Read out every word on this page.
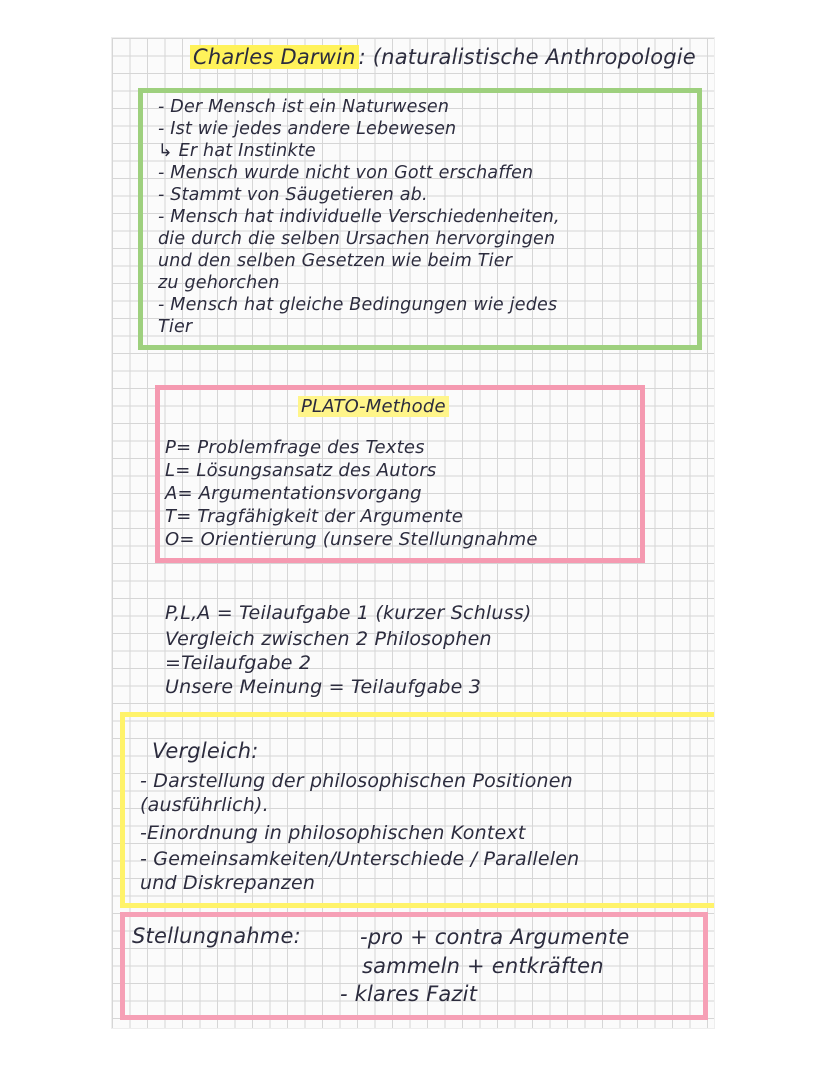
Charles Darwin : (naturalistische Anthropologie
- Der Mensch ist ein Naturwesen
- Ist wie jedes andere Lebewesen
↳ Er hat Instinkte
- Mensch wurde nicht von Gott erschaffen
- Stammt von Säugetieren ab.
- Mensch hat individuelle Verschiedenheiten,
die durch die selben Ursachen hervorgingen
und den selben Gesetzen wie beim Tier
zu gehorchen
- Mensch hat gleiche Bedingungen wie jedes
Tier
PLATO-Methode
P= Problemfrage des Textes
L= Lösungsansatz des Autors
A= Argumentationsvorgang
T= Tragfähigkeit der Argumente
O= Orientierung (unsere Stellungnahme
P,L,A = Teilaufgabe 1 (kurzer Schluss)
Vergleich zwischen 2 Philosophen
=Teilaufgabe 2
Unsere Meinung = Teilaufgabe 3
Vergleich:
- Darstellung der philosophischen Positionen
(ausführlich).
-Einordnung in philosophischen Kontext
- Gemeinsamkeiten/Unterschiede / Parallelen
und Diskrepanzen
Stellungnahme:	-pro + contra Argumente
sammeln + entkräften
- klares Fazit
